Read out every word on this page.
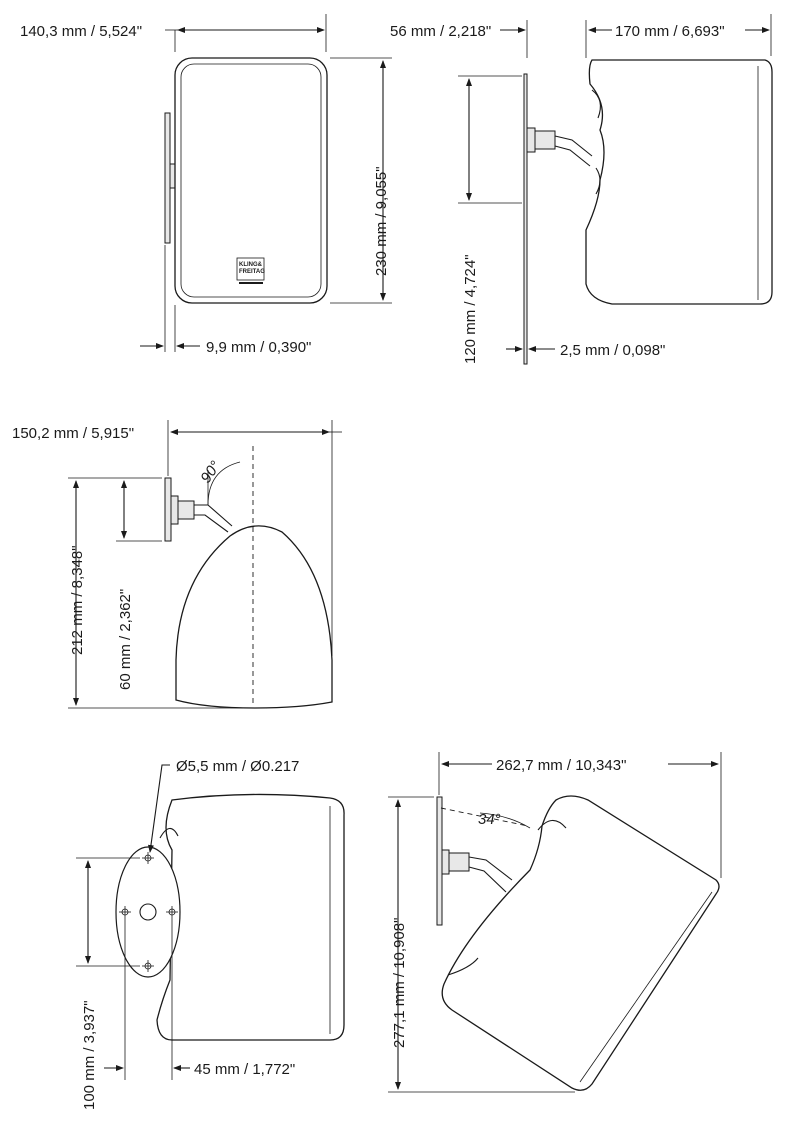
KLING&
FREITAG
140,3 mm / 5,524"
230 mm / 9,055"
9,9 mm / 0,390"
56 mm / 2,218"	170 mm / 6,693"
120 mm / 4,724"	2,5 mm / 0,098"
90°
150,2 mm / 5,915"
212 mm / 8,348" 60 mm / 2,362"
Ø5,5 mm / Ø0.217
100 mm / 3,937"	45 mm / 1,772"
34°
262,7 mm / 10,343"
277,1 mm / 10,908"
